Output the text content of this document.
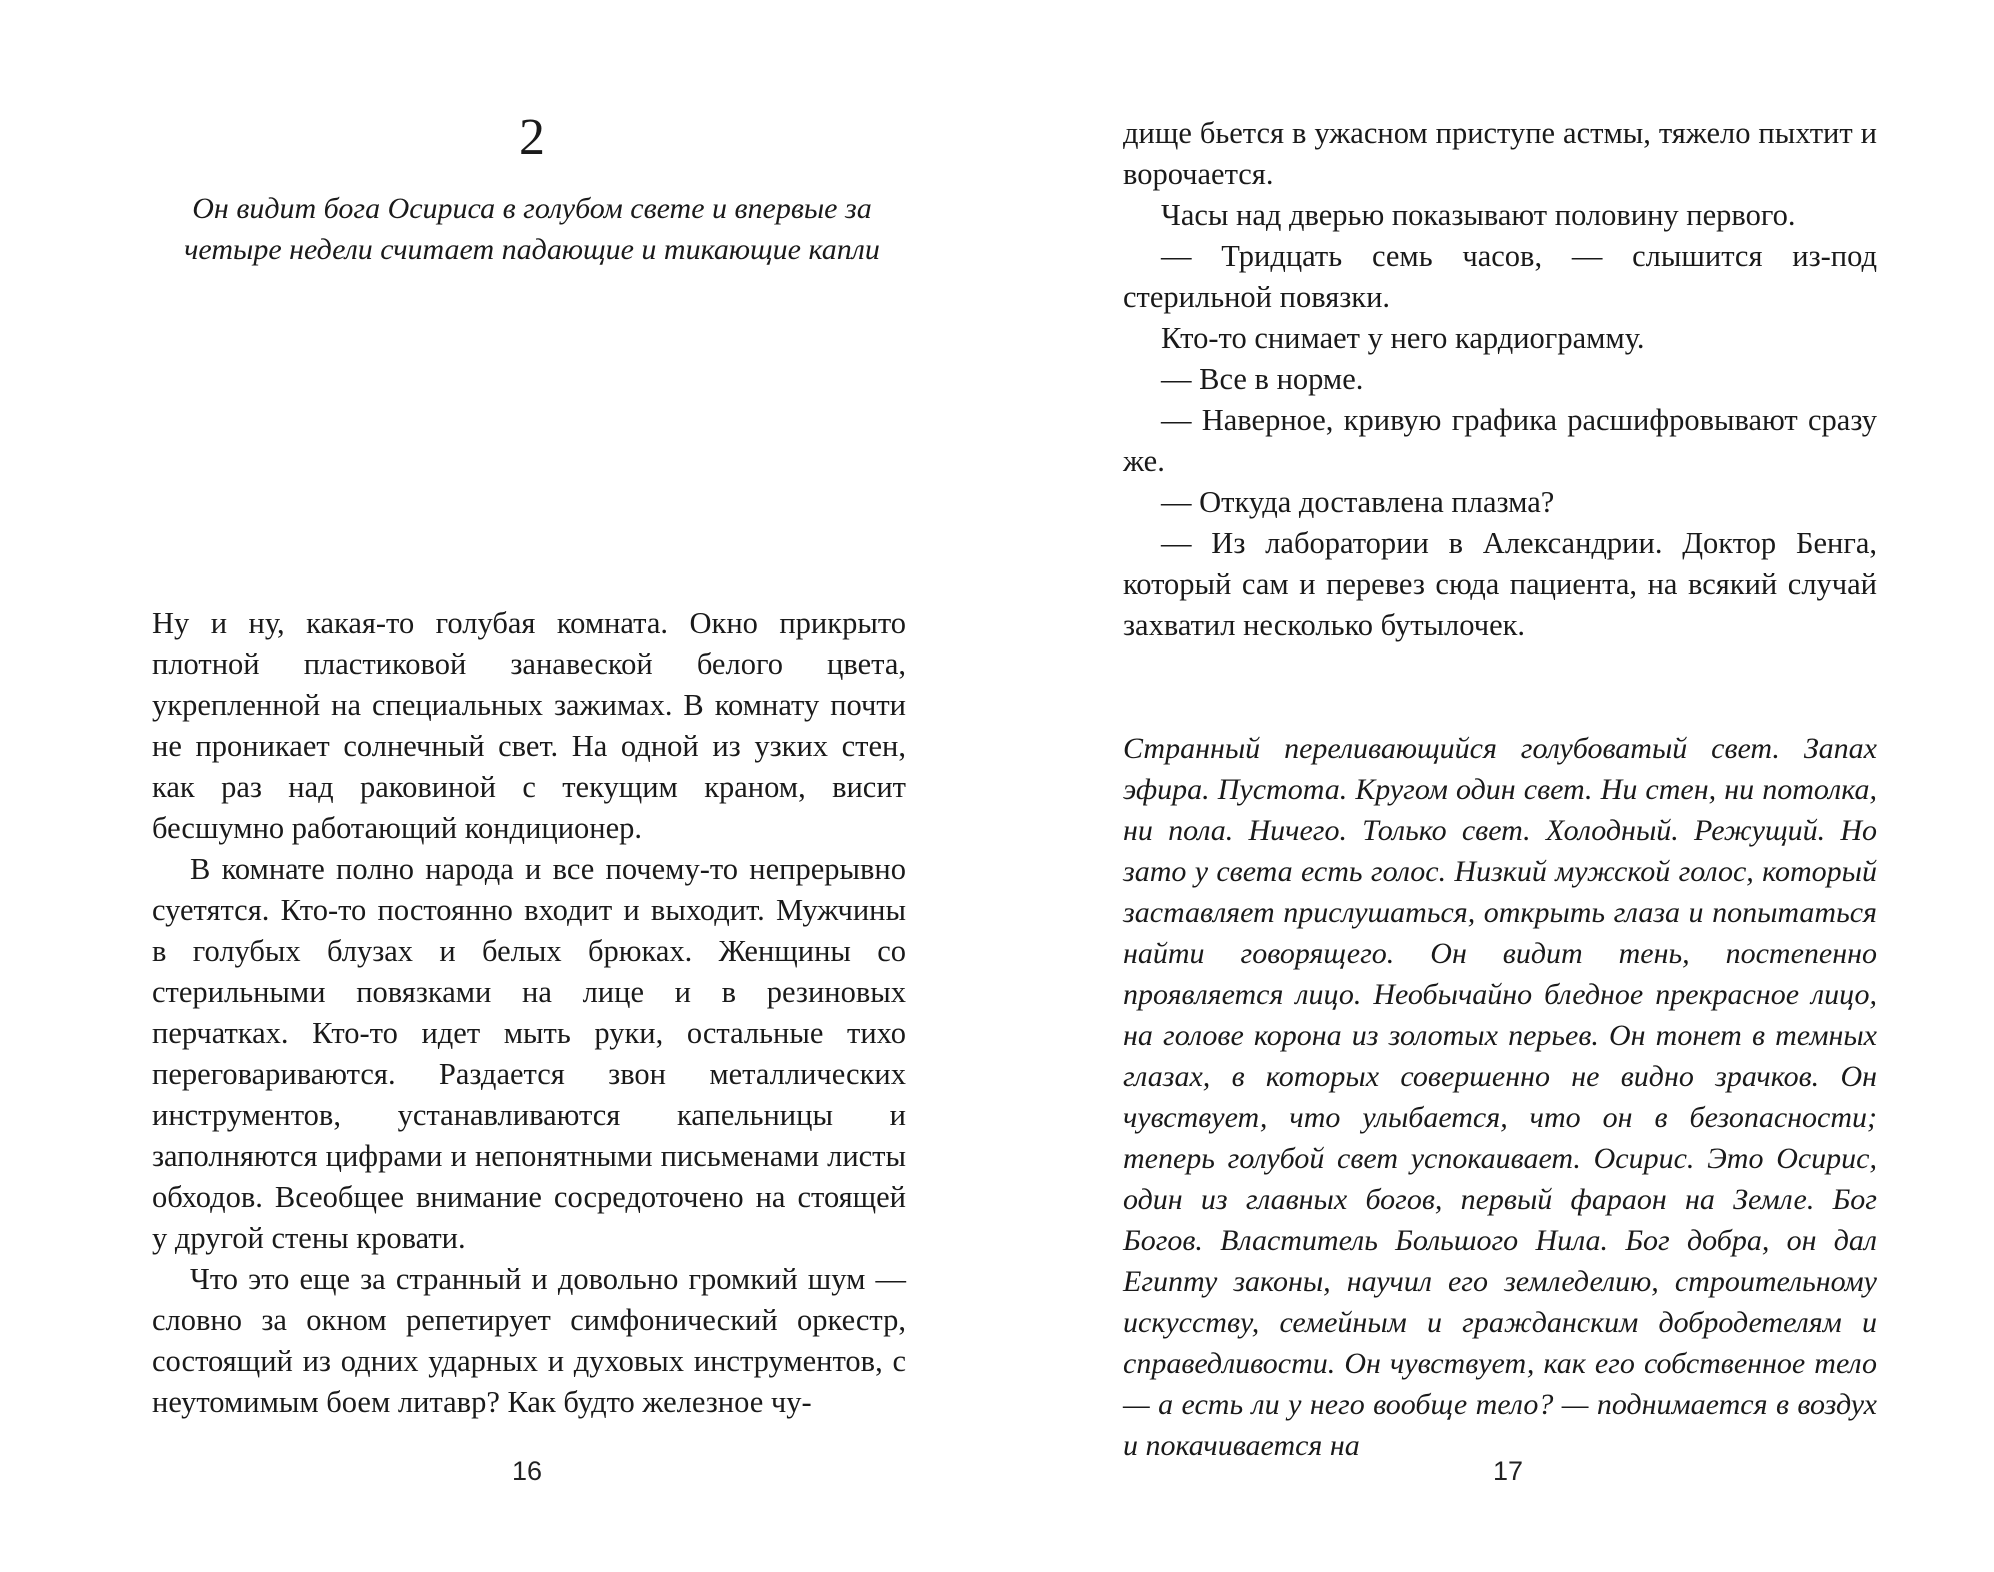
2
Он видит бога Осириса в голубом свете и впервые за четыре недели считает падающие и тикающие капли

Ну и ну, какая-то голубая комната. Окно прикрыто плотной пластиковой занавеской белого цвета, укрепленной на специальных зажимах. В комнату почти не проникает солнечный свет. На одной из узких стен, как раз над раковиной с текущим краном, висит бесшумно работающий кондиционер.

В комнате полно народа и все почему-то непрерывно суетятся. Кто-то постоянно входит и выходит. Мужчины в голубых блузах и белых брюках. Женщины со стерильными повязками на лице и в резиновых перчатках. Кто-то идет мыть руки, остальные тихо переговариваются. Раздается звон металлических инструментов, устанавливаются капельницы и заполняются цифрами и непонятными письменами листы обходов. Всеобщее внимание сосредоточено на стоящей у другой стены кровати.

Что это еще за странный и довольно громкий шум — словно за окном репетирует симфонический оркестр, состоящий из одних ударных и духовых инструментов, с неутомимым боем литавр? Как будто железное чу-

16

дище бьется в ужасном приступе астмы, тяжело пыхтит и ворочается.

Часы над дверью показывают половину первого.

— Тридцать семь часов, — слышится из-под стерильной повязки.

Кто-то снимает у него кардиограмму.

— Все в норме.

— Наверное, кривую графика расшифровывают сразу же.

— Откуда доставлена плазма?

— Из лаборатории в Александрии. Доктор Бенга, который сам и перевез сюда пациента, на всякий случай захватил несколько бутылочек.

Странный переливающийся голубоватый свет. Запах эфира. Пустота. Кругом один свет. Ни стен, ни потолка, ни пола. Ничего. Только свет. Холодный. Режущий. Но зато у света есть голос. Низкий мужской голос, который заставляет прислушаться, открыть глаза и попытаться найти говорящего. Он видит тень, постепенно проявляется лицо. Необычайно бледное прекрасное лицо, на голове корона из золотых перьев. Он тонет в темных глазах, в которых совершенно не видно зрачков. Он чувствует, что улыбается, что он в безопасности; теперь голубой свет успокаивает. Осирис. Это Осирис, один из главных богов, первый фараон на Земле. Бог Богов. Властитель Большого Нила. Бог добра, он дал Египту законы, научил его земледелию, строительному искусству, семейным и гражданским добродетелям и справедливости. Он чувствует, как его собственное тело — а есть ли у него вообще тело? — поднимается в воздух и покачивается на

17
